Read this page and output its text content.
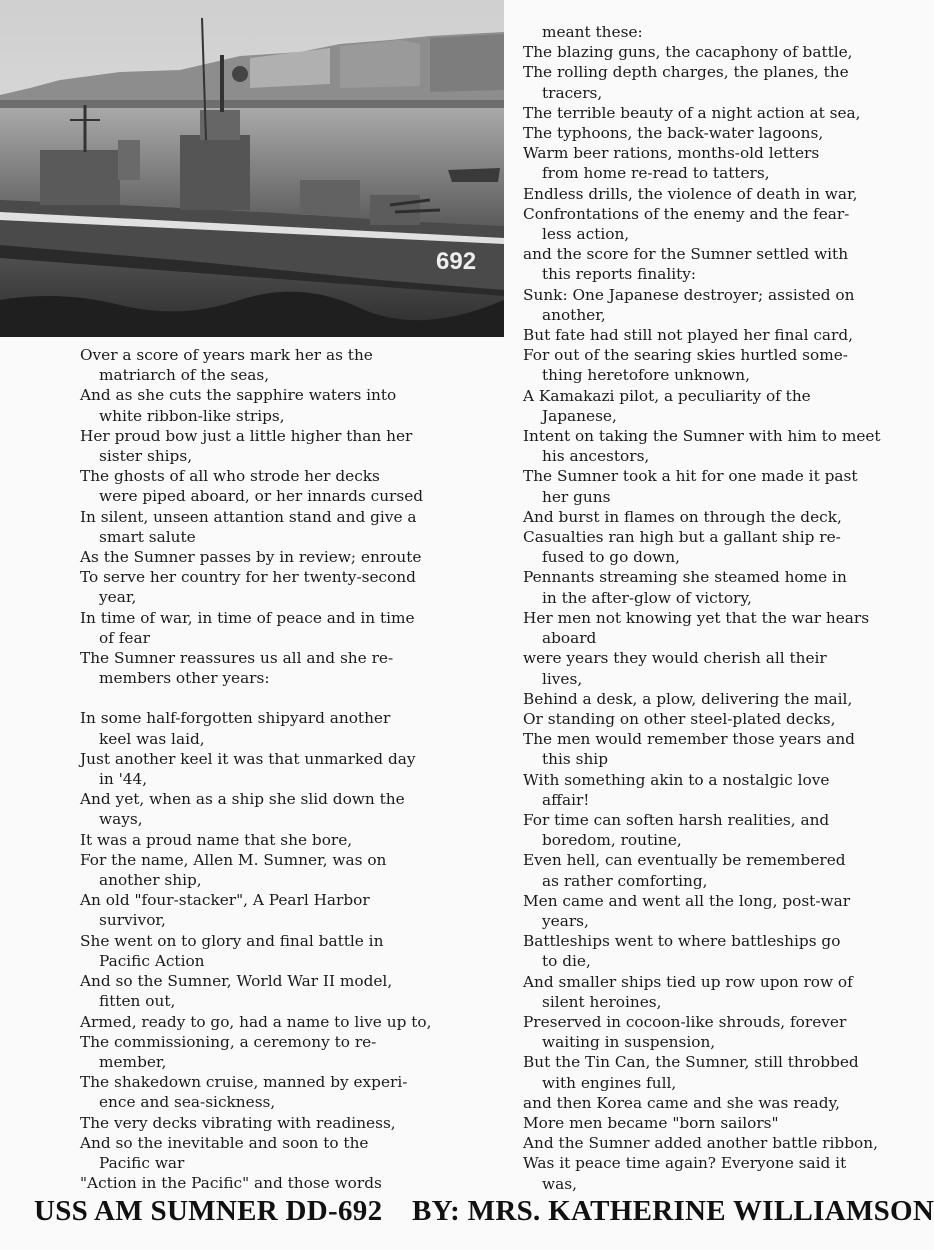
692
Over a score of years mark her as the
matriarch of the seas,
And as she cuts the sapphire waters into
white ribbon-like strips,
Her proud bow just a little higher than her
sister ships,
The ghosts of all who strode her decks
were piped aboard, or her innards cursed
In silent, unseen attantion stand and give a
smart salute
As the Sumner passes by in review; enroute
To serve her country for her twenty-second
year,
In time of war, in time of peace and in time
of fear
The Sumner reassures us all and she re-
members other years:
In some half-forgotten shipyard another
keel was laid,
Just another keel it was that unmarked day
in '44,
And yet, when as a ship she slid down the
ways,
It was a proud name that she bore,
For the name, Allen M. Sumner, was on
another ship,
An old "four-stacker", A Pearl Harbor
survivor,
She went on to glory and final battle in
Pacific Action
And so the Sumner, World War II model,
fitten out,
Armed, ready to go, had a name to live up to,
The commissioning, a ceremony to re-
member,
The shakedown cruise, manned by experi-
ence and sea-sickness,
The very decks vibrating with readiness,
And so the inevitable and soon to the
Pacific war
"Action in the Pacific" and those words
meant these:
The blazing guns, the cacaphony of battle,
The rolling depth charges, the planes, the
tracers,
The terrible beauty of a night action at sea,
The typhoons, the back-water lagoons,
Warm beer rations, months-old letters
from home re-read to tatters,
Endless drills, the violence of death in war,
Confrontations of the enemy and the fear-
less action,
and the score for the Sumner settled with
this reports finality:
Sunk: One Japanese destroyer; assisted on
another,
But fate had still not played her final card,
For out of the searing skies hurtled some-
thing heretofore unknown,
A Kamakazi pilot, a peculiarity of the
Japanese,
Intent on taking the Sumner with him to meet
his ancestors,
The Sumner took a hit for one made it past
her guns
And burst in flames on through the deck,
Casualties ran high but a gallant ship re-
fused to go down,
Pennants streaming she steamed home in
in the after-glow of victory,
Her men not knowing yet that the war hears
aboard
were years they would cherish all their
lives,
Behind a desk, a plow, delivering the mail,
Or standing on other steel-plated decks,
The men would remember those years and
this ship
With something akin to a nostalgic love
affair!
For time can soften harsh realities, and
boredom, routine,
Even hell, can eventually be remembered
as rather comforting,
Men came and went all the long, post-war
years,
Battleships went to where battleships go
to die,
And smaller ships tied up row upon row of
silent heroines,
Preserved in cocoon-like shrouds, forever
waiting in suspension,
But the Tin Can, the Sumner, still throbbed
with engines full,
and then Korea came and she was ready,
More men became "born sailors"
And the Sumner added another battle ribbon,
Was it peace time again? Everyone said it
was,
USS AM SUMNER DD-692 BY: MRS. KATHERINE WILLIAMSON
